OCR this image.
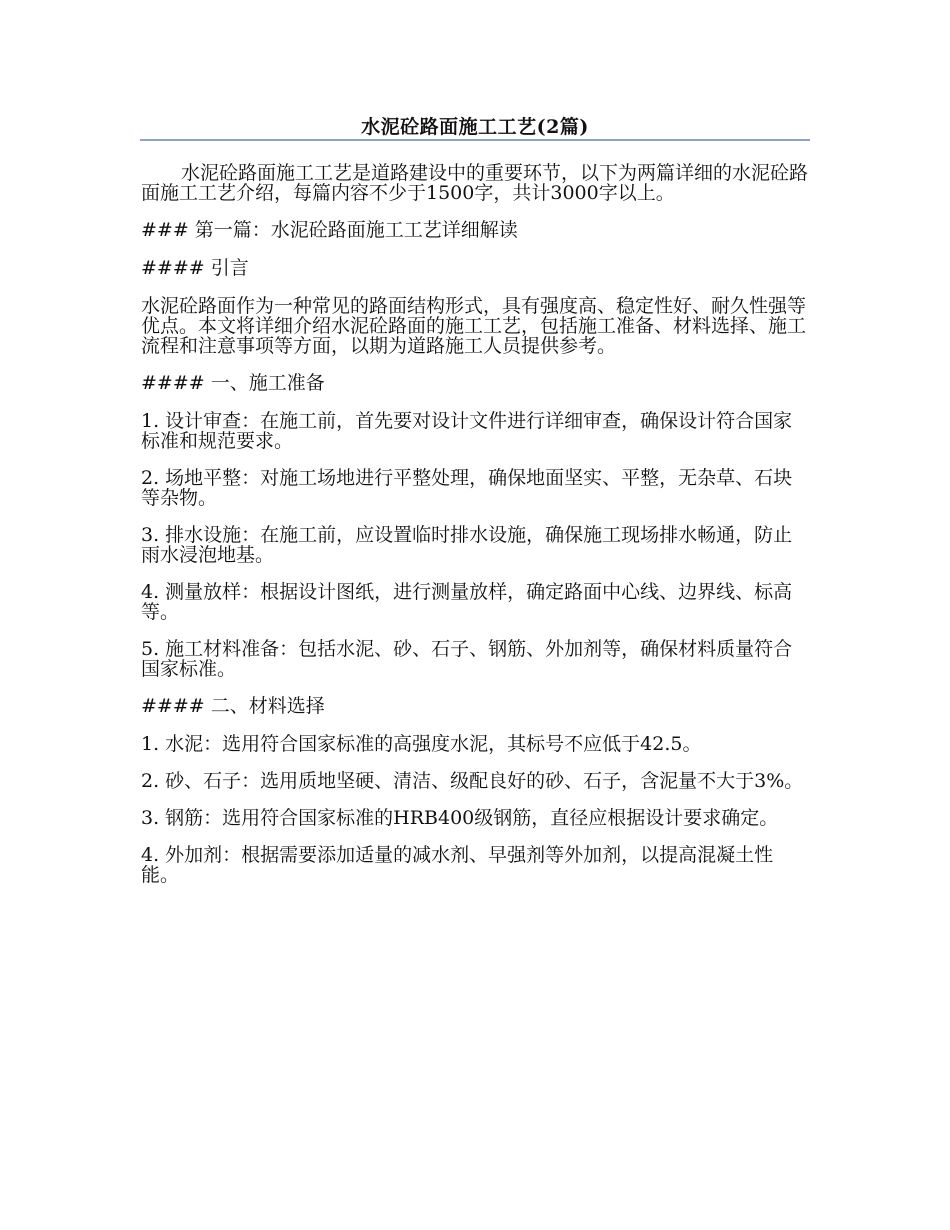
水泥砼路面施工工艺(2篇)

水泥砼路面施工工艺是道路建设中的重要环节，以下为两篇详细的水泥砼路面施工工艺介绍，每篇内容不少于1500字，共计3000字以上。

### 第一篇：水泥砼路面施工工艺详细解读

#### 引言

水泥砼路面作为一种常见的路面结构形式，具有强度高、稳定性好、耐久性强等优点。本文将详细介绍水泥砼路面的施工工艺，包括施工准备、材料选择、施工流程和注意事项等方面，以期为道路施工人员提供参考。

#### 一、施工准备

1. 设计审查：在施工前，首先要对设计文件进行详细审查，确保设计符合国家标准和规范要求。

2. 场地平整：对施工场地进行平整处理，确保地面坚实、平整，无杂草、石块等杂物。

3. 排水设施：在施工前，应设置临时排水设施，确保施工现场排水畅通，防止雨水浸泡地基。

4. 测量放样：根据设计图纸，进行测量放样，确定路面中心线、边界线、标高等。

5. 施工材料准备：包括水泥、砂、石子、钢筋、外加剂等，确保材料质量符合国家标准。

#### 二、材料选择

1. 水泥：选用符合国家标准的高强度水泥，其标号不应低于42.5。

2. 砂、石子：选用质地坚硬、清洁、级配良好的砂、石子，含泥量不大于3%。

3. 钢筋：选用符合国家标准的HRB400级钢筋，直径应根据设计要求确定。

4. 外加剂：根据需要添加适量的减水剂、早强剂等外加剂，以提高混凝土性能。
